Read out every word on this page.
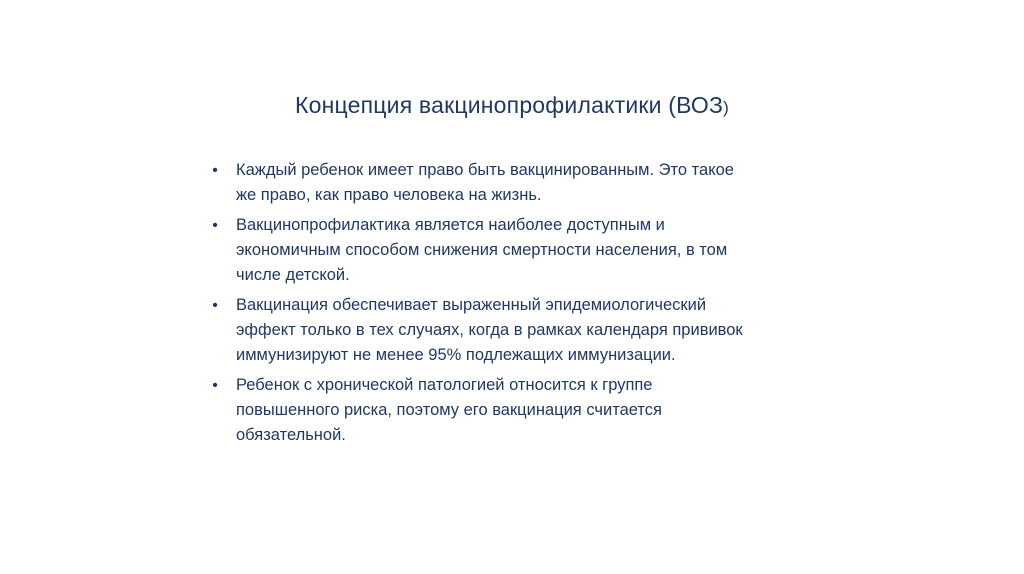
Концепция вакцинопрофилактики (ВОЗ)
• Каждый ребенок имеет право быть вакцинированным. Это такое
же право, как право человека на жизнь.
• Вакцинопрофилактика является наиболее доступным и
экономичным способом снижения смертности населения, в том
числе детской.
• Вакцинация обеспечивает выраженный эпидемиологический
эффект только в тех случаях, когда в рамках календаря прививок
иммунизируют не менее 95% подлежащих иммунизации.
• Ребенок с хронической патологией относится к группе
повышенного риска, поэтому его вакцинация считается
обязательной.
